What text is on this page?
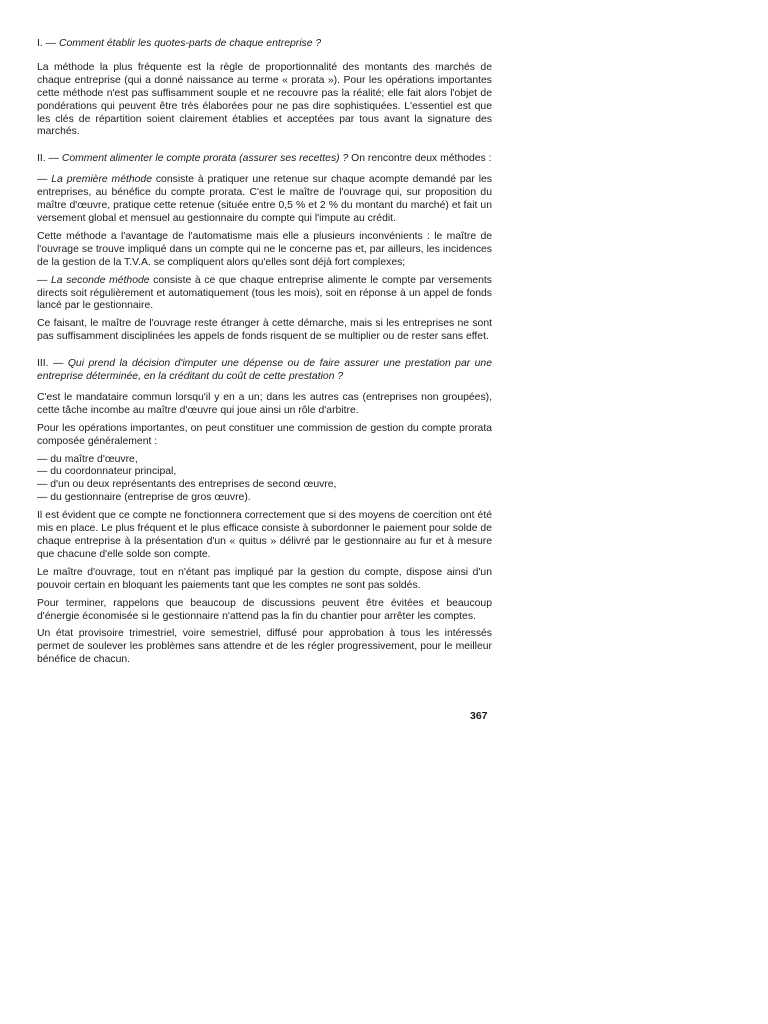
I. — Comment établir les quotes-parts de chaque entreprise ?

La méthode la plus fréquente est la règle de proportionnalité des montants des marchés de chaque entreprise (qui a donné naissance au terme « prorata »). Pour les opérations importantes cette méthode n'est pas suffisamment souple et ne recouvre pas la réalité; elle fait alors l'objet de pondérations qui peuvent être très élaborées pour ne pas dire sophistiquées. L'essentiel est que les clés de répartition soient clairement établies et acceptées par tous avant la signature des marchés.

II. — Comment alimenter le compte prorata (assurer ses recettes) ? On rencontre deux méthodes :

— La première méthode consiste à pratiquer une retenue sur chaque acompte demandé par les entreprises, au bénéfice du compte prorata. C'est le maître de l'ouvrage qui, sur proposition du maître d'œuvre, pratique cette retenue (située entre 0,5 % et 2 % du montant du marché) et fait un versement global et mensuel au gestionnaire du compte qui l'impute au crédit.

Cette méthode a l'avantage de l'automatisme mais elle a plusieurs inconvénients : le maître de l'ouvrage se trouve impliqué dans un compte qui ne le concerne pas et, par ailleurs, les incidences de la gestion de la T.V.A. se compliquent alors qu'elles sont déjà fort complexes;

— La seconde méthode consiste à ce que chaque entreprise alimente le compte par versements directs soit régulièrement et automatiquement (tous les mois), soit en réponse à un appel de fonds lancé par le gestionnaire.

Ce faisant, le maître de l'ouvrage reste étranger à cette démarche, mais si les entreprises ne sont pas suffisamment disciplinées les appels de fonds risquent de se multiplier ou de rester sans effet.

III. — Qui prend la décision d'imputer une dépense ou de faire assurer une prestation par une entreprise déterminée, en la créditant du coût de cette prestation ?

C'est le mandataire commun lorsqu'il y en a un; dans les autres cas (entreprises non groupées), cette tâche incombe au maître d'œuvre qui joue ainsi un rôle d'arbitre.

Pour les opérations importantes, on peut constituer une commission de gestion du compte prorata composée généralement :

— du maître d'œuvre,
— du coordonnateur principal,
— d'un ou deux représentants des entreprises de second œuvre,
— du gestionnaire (entreprise de gros œuvre).

Il est évident que ce compte ne fonctionnera correctement que si des moyens de coercition ont été mis en place. Le plus fréquent et le plus efficace consiste à subordonner le paiement pour solde de chaque entreprise à la présentation d'un « quitus » délivré par le gestionnaire au fur et à mesure que chacune d'elle solde son compte.

Le maître d'ouvrage, tout en n'étant pas impliqué par la gestion du compte, dispose ainsi d'un pouvoir certain en bloquant les paiements tant que les comptes ne sont pas soldés.

Pour terminer, rappelons que beaucoup de discussions peuvent être évitées et beaucoup d'énergie économisée si le gestionnaire n'attend pas la fin du chantier pour arrêter les comptes.

Un état provisoire trimestriel, voire semestriel, diffusé pour approbation à tous les intéressés permet de soulever les problèmes sans attendre et de les régler progressivement, pour le meilleur bénéfice de chacun.

367
